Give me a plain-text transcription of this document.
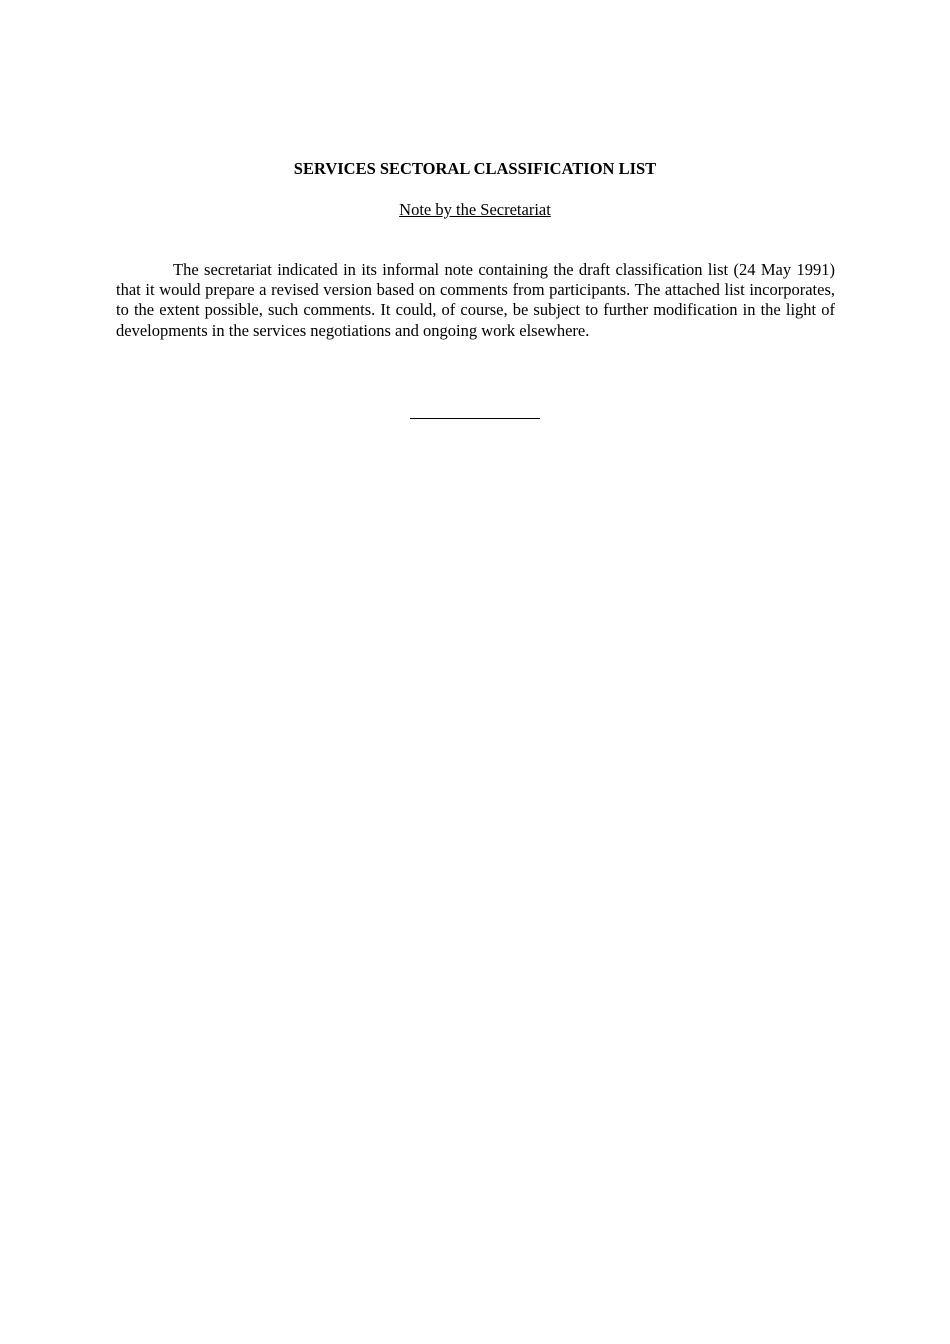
SERVICES SECTORAL CLASSIFICATION LIST

Note by the Secretariat

The secretariat indicated in its informal note containing the draft classification list (24 May 1991) that it would prepare a revised version based on comments from participants. The attached list incorporates, to the extent possible, such comments. It could, of course, be subject to further modification in the light of developments in the services negotiations and ongoing work elsewhere.
